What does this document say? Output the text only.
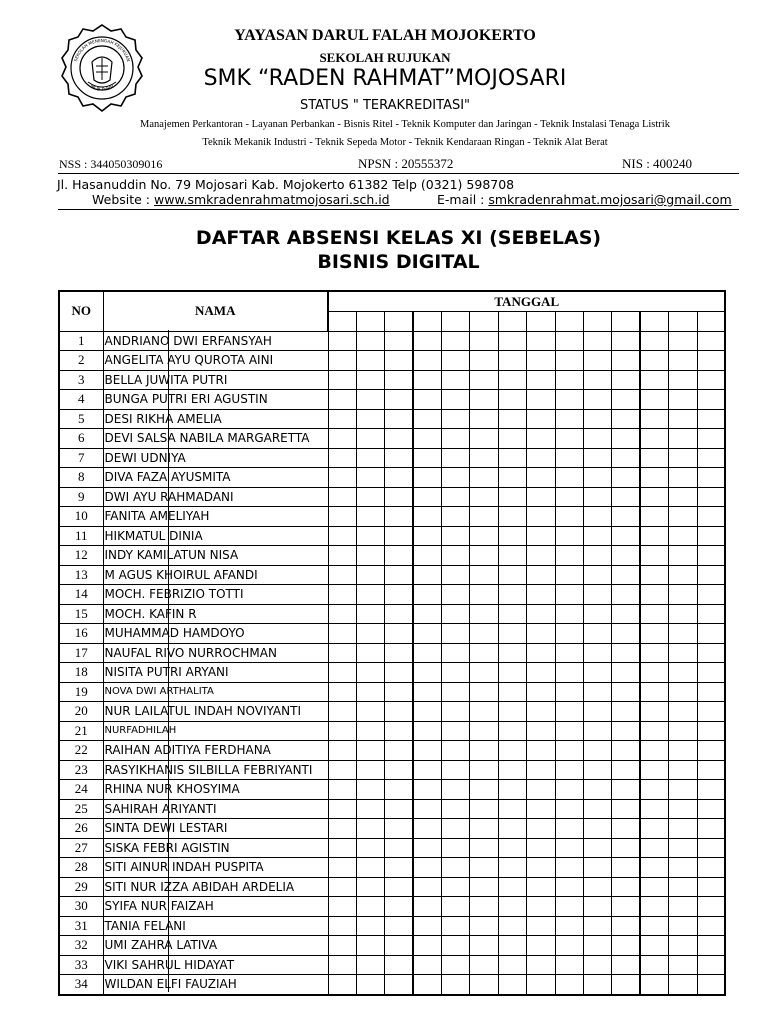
SEKOLAH MENENGAH KEJURUAN
MOJOSARI
YAYASAN DARUL FALAH MOJOKERTO
SEKOLAH RUJUKAN
SMK “RADEN RAHMAT”MOJOSARI
STATUS " TERAKREDITASI"
Manajemen Perkantoran - Layanan Perbankan - Bisnis Ritel - Teknik Komputer dan Jaringan - Teknik Instalasi Tenaga Listrik
Teknik Mekanik Industri - Teknik Sepeda Motor - Teknik Kendaraan Ringan - Teknik Alat Berat
NSS : 344050309016	NPSN : 20555372	NIS : 400240
Jl. Hasanuddin No. 79 Mojosari Kab. Mojokerto 61382 Telp (0321) 598708
Website : www.smkradenrahmatmojosari.sch.id	E-mail : smkradenrahmat.mojosari@gmail.com
DAFTAR ABSENSI KELAS XI (SEBELAS)
BISNIS DIGITAL
NO	NAMA	TANGGAL													

1	ANDRIANO DWI ERFANSYAH														
2	ANGELITA AYU QUROTA AINI														
3	BELLA JUWITA PUTRI														
4	BUNGA PUTRI ERI AGUSTIN														
5	DESI RIKHA AMELIA														
6	DEVI SALSA NABILA MARGARETTA														
7	DEWI UDNIYA														
8	DIVA FAZA AYUSMITA														
9	DWI AYU RAHMADANI														
10	FANITA AMELIYAH														
11	HIKMATUL DINIA														
12	INDY KAMILATUN NISA														
13	M AGUS KHOIRUL AFANDI														
14	MOCH. FEBRIZIO TOTTI														
15	MOCH. KAFIN R														
16	MUHAMMAD HAMDOYO														
17	NAUFAL RIVO NURROCHMAN														
18	NISITA PUTRI ARYANI														
19	NOVA DWI ARTHALITA														
20	NUR LAILATUL INDAH NOVIYANTI														
21	NURFADHILAH														
22	RAIHAN ADITIYA FERDHANA														
23	RASYIKHANIS SILBILLA FEBRIYANTI														
24	RHINA NUR KHOSYIMA														
25	SAHIRAH ARIYANTI														
26	SINTA DEWI LESTARI														
27	SISKA FEBRI AGISTIN														
28	SITI AINUR INDAH PUSPITA														
29	SITI NUR IZZA ABIDAH ARDELIA														
30	SYIFA NUR FAIZAH														
31	TANIA FELANI														
32	UMI ZAHRA LATIVA														
33	VIKI SAHRUL HIDAYAT														
34	WILDAN ELFI FAUZIAH														
